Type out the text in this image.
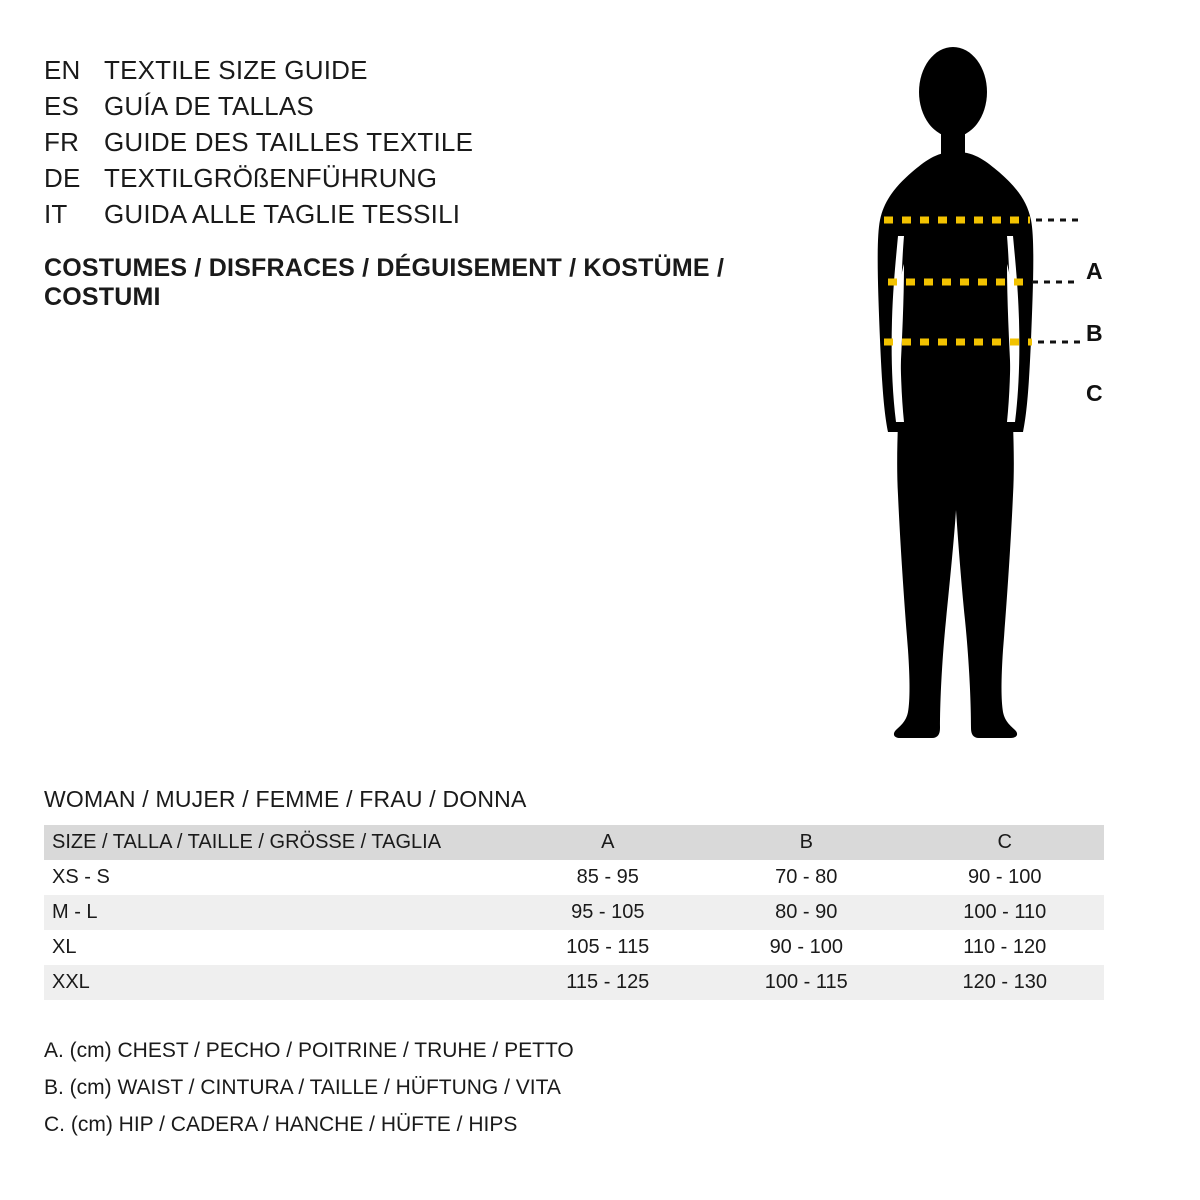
EN TEXTILE SIZE GUIDE
ES GUÍA DE TALLAS
FR GUIDE DES TAILLES TEXTILE
DE TEXTILGRÖßENFÜHRUNG
IT	GUIDA ALLE TAGLIE TESSILI
COSTUMES / DISFRACES / DÉGUISEMENT / KOSTÜME / COSTUMI
A
B
C
WOMAN / MUJER / FEMME / FRAU / DONNA
SIZE / TALLA / TAILLE / GRÖSSE / TAGLIA	A	B	C
XS - S	85 - 95	70 - 80	90 - 100
M - L	95 - 105	80 - 90	100 - 110
XL	105 - 115	90 - 100	110 - 120
XXL	115 - 125	100 - 115	120 - 130
A. (cm) CHEST / PECHO / POITRINE / TRUHE / PETTO
B. (cm) WAIST / CINTURA / TAILLE / HÜFTUNG / VITA
C. (cm) HIP / CADERA / HANCHE / HÜFTE / HIPS
